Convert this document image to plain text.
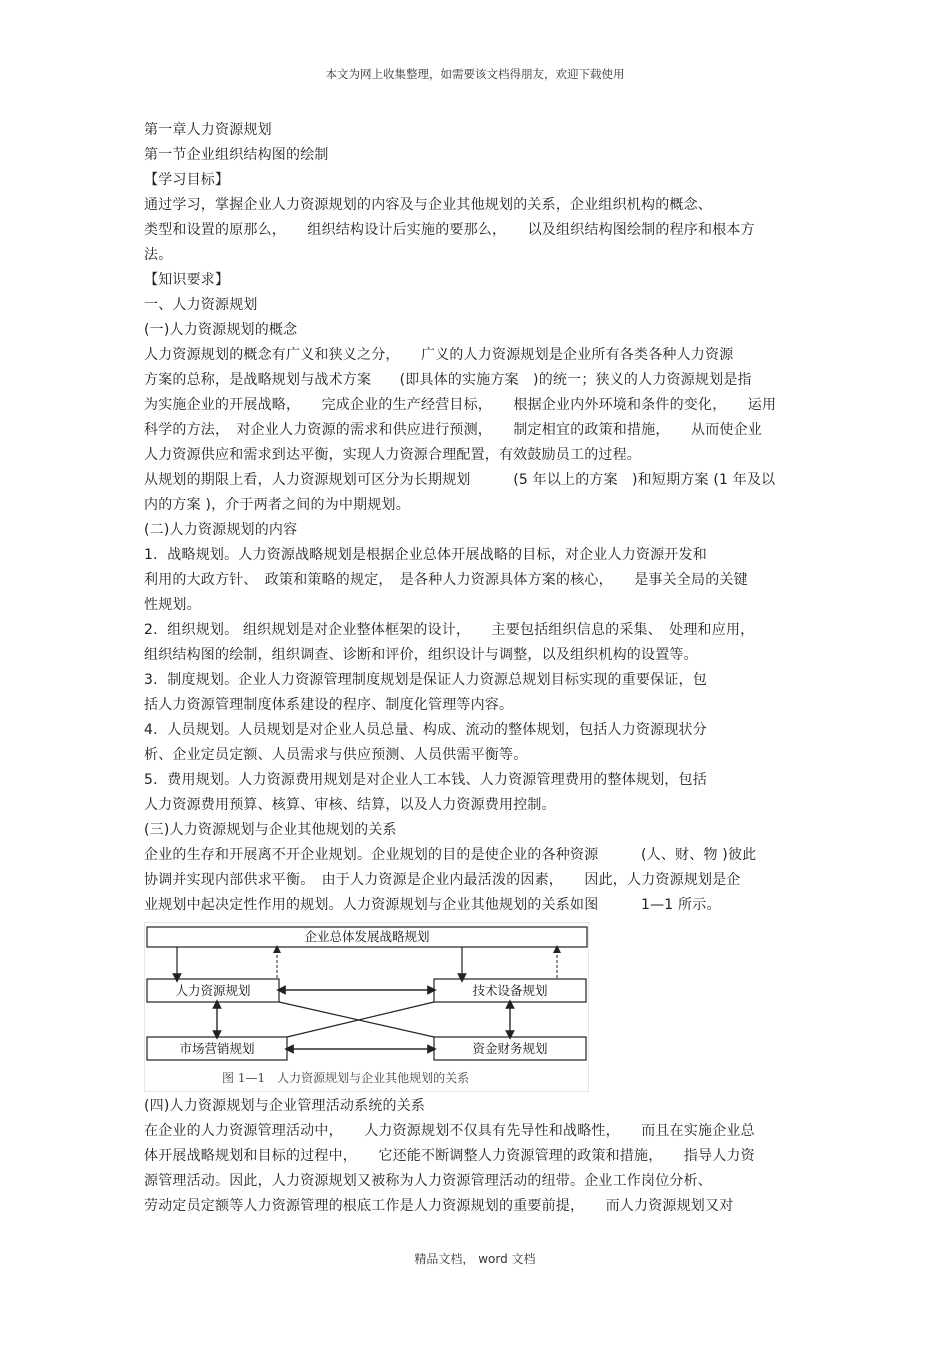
本文为网上收集整理，如需要该文档得朋友，欢迎下载使用
第一章人力资源规划
第一节企业组织结构图的绘制
【学习目标】
通过学习，掌握企业人力资源规划的内容及与企业其他规划的关系，企业组织机构的概念、
类型和设置的原那么，　　组织结构设计后实施的要那么，　　以及组织结构图绘制的程序和根本方
法。
【知识要求】
一、人力资源规划
(一)人力资源规划的概念
人力资源规划的概念有广义和狭义之分，　　广义的人力资源规划是企业所有各类各种人力资源
方案的总称，是战略规划与战术方案　　(即具体的实施方案　)的统一；狭义的人力资源规划是指
为实施企业的开展战略，　　完成企业的生产经营目标，　　根据企业内外环境和条件的变化，　　运用
科学的方法，　对企业人力资源的需求和供应进行预测，　　制定相宜的政策和措施，　　从而使企业
人力资源供应和需求到达平衡，实现人力资源合理配置，有效鼓励员工的过程。
从规划的期限上看，人力资源规划可区分为长期规划　　　(5 年以上的方案　)和短期方案 (1 年及以
内的方案 )，介于两者之间的为中期规划。
(二)人力资源规划的内容
1．战略规划。人力资源战略规划是根据企业总体开展战略的目标，对企业人力资源开发和
利用的大政方针、　政策和策略的规定，　是各种人力资源具体方案的核心，　　是事关全局的关键
性规划。
2．组织规划。 组织规划是对企业整体框架的设计，　　主要包括组织信息的采集、　处理和应用，
组织结构图的绘制，组织调查、诊断和评价，组织设计与调整，以及组织机构的设置等。
3．制度规划。企业人力资源管理制度规划是保证人力资源总规划目标实现的重要保证，包
括人力资源管理制度体系建设的程序、制度化管理等内容。
4．人员规划。人员规划是对企业人员总量、构成、流动的整体规划，包括人力资源现状分
析、企业定员定额、人员需求与供应预测、人员供需平衡等。
5．费用规划。人力资源费用规划是对企业人工本钱、人力资源管理费用的整体规划，包括
人力资源费用预算、核算、审核、结算，以及人力资源费用控制。
(三)人力资源规划与企业其他规划的关系
企业的生存和开展离不开企业规划。企业规划的目的是使企业的各种资源　　　(人、财、物 )彼此
协调并实现内部供求平衡。　由于人力资源是企业内最活泼的因素，　　因此，人力资源规划是企
业规划中起决定性作用的规划。人力资源规划与企业其他规划的关系如图　　　1—1 所示。
企业总体发展战略规划
人力资源规划	技术设备规划
市场营销规划	资金财务规划
图 1—1　人力资源规划与企业其他规划的关系
(四)人力资源规划与企业管理活动系统的关系
在企业的人力资源管理活动中，　　人力资源规划不仅具有先导性和战略性，　　而且在实施企业总
体开展战略规划和目标的过程中，　　它还能不断调整人力资源管理的政策和措施，　　指导人力资
源管理活动。因此，人力资源规划又被称为人力资源管理活动的纽带。企业工作岗位分析、
劳动定员定额等人力资源管理的根底工作是人力资源规划的重要前提，　　而人力资源规划又对
精品文档， word 文档
